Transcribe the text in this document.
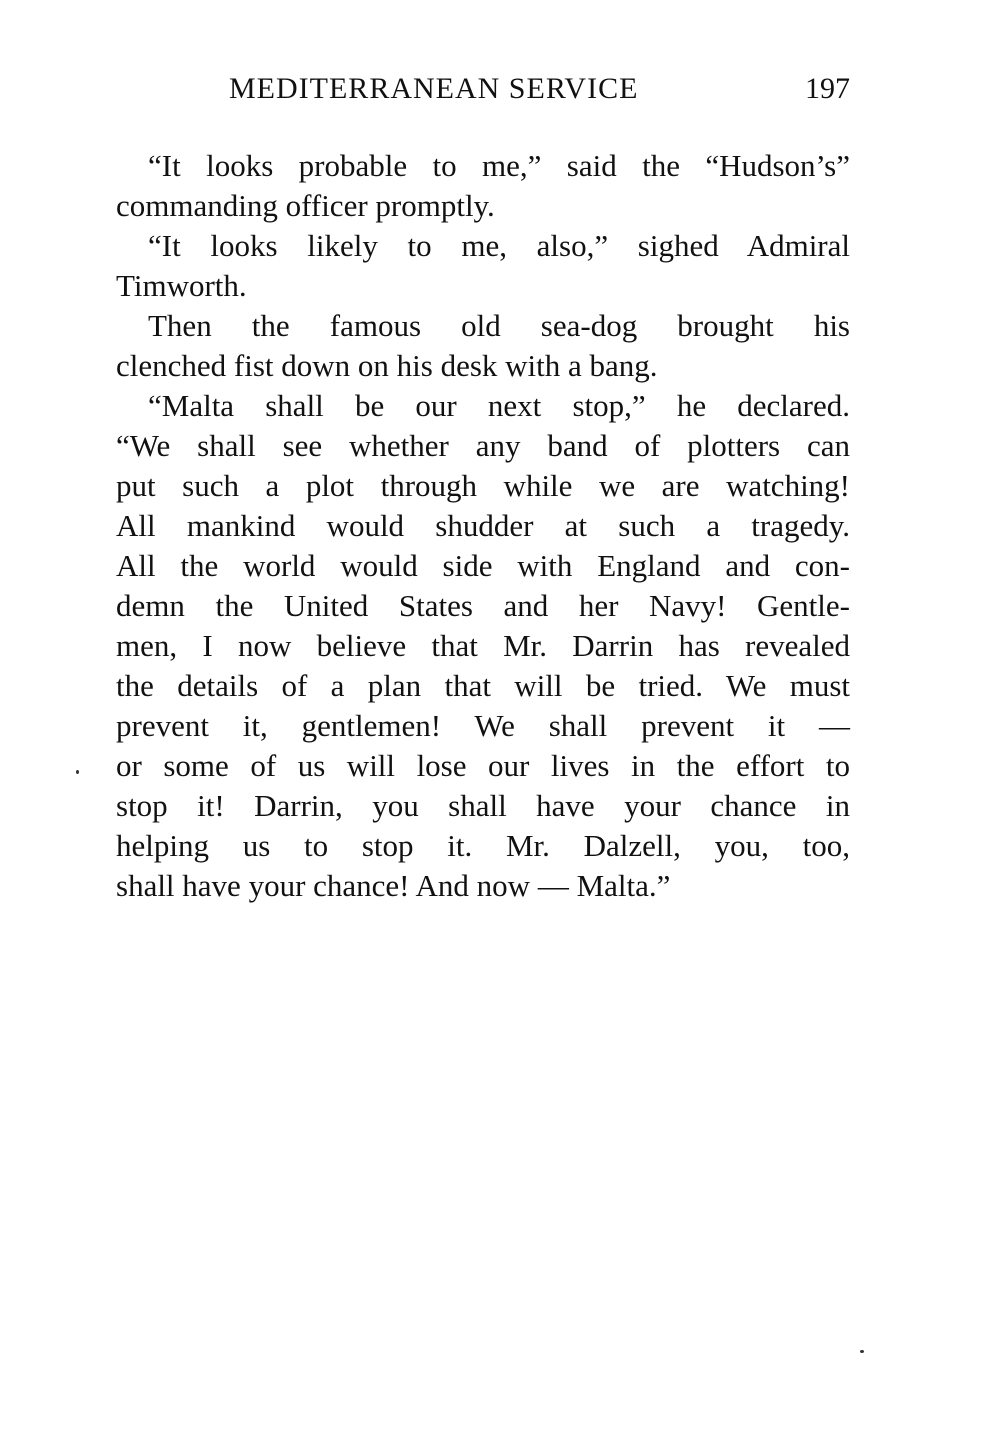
MEDITERRANEAN SERVICE	197
“It looks probable to me,” said the “Hudson’s”
commanding officer promptly.
“It looks likely to me, also,” sighed Admiral
Timworth.
Then the famous old sea-dog brought his
clenched fist down on his desk with a bang.
“Malta shall be our next stop,” he declared.
“We shall see whether any band of plotters can
put such a plot through while we are watching!
All mankind would shudder at such a tragedy.
All the world would side with England and con-
demn the United States and her Navy! Gentle-
men, I now believe that Mr. Darrin has revealed
the details of a plan that will be tried. We must
prevent it, gentlemen! We shall prevent it —
or some of us will lose our lives in the effort to
stop it! Darrin, you shall have your chance in
helping us to stop it. Mr. Dalzell, you, too,
shall have your chance! And now — Malta.”
